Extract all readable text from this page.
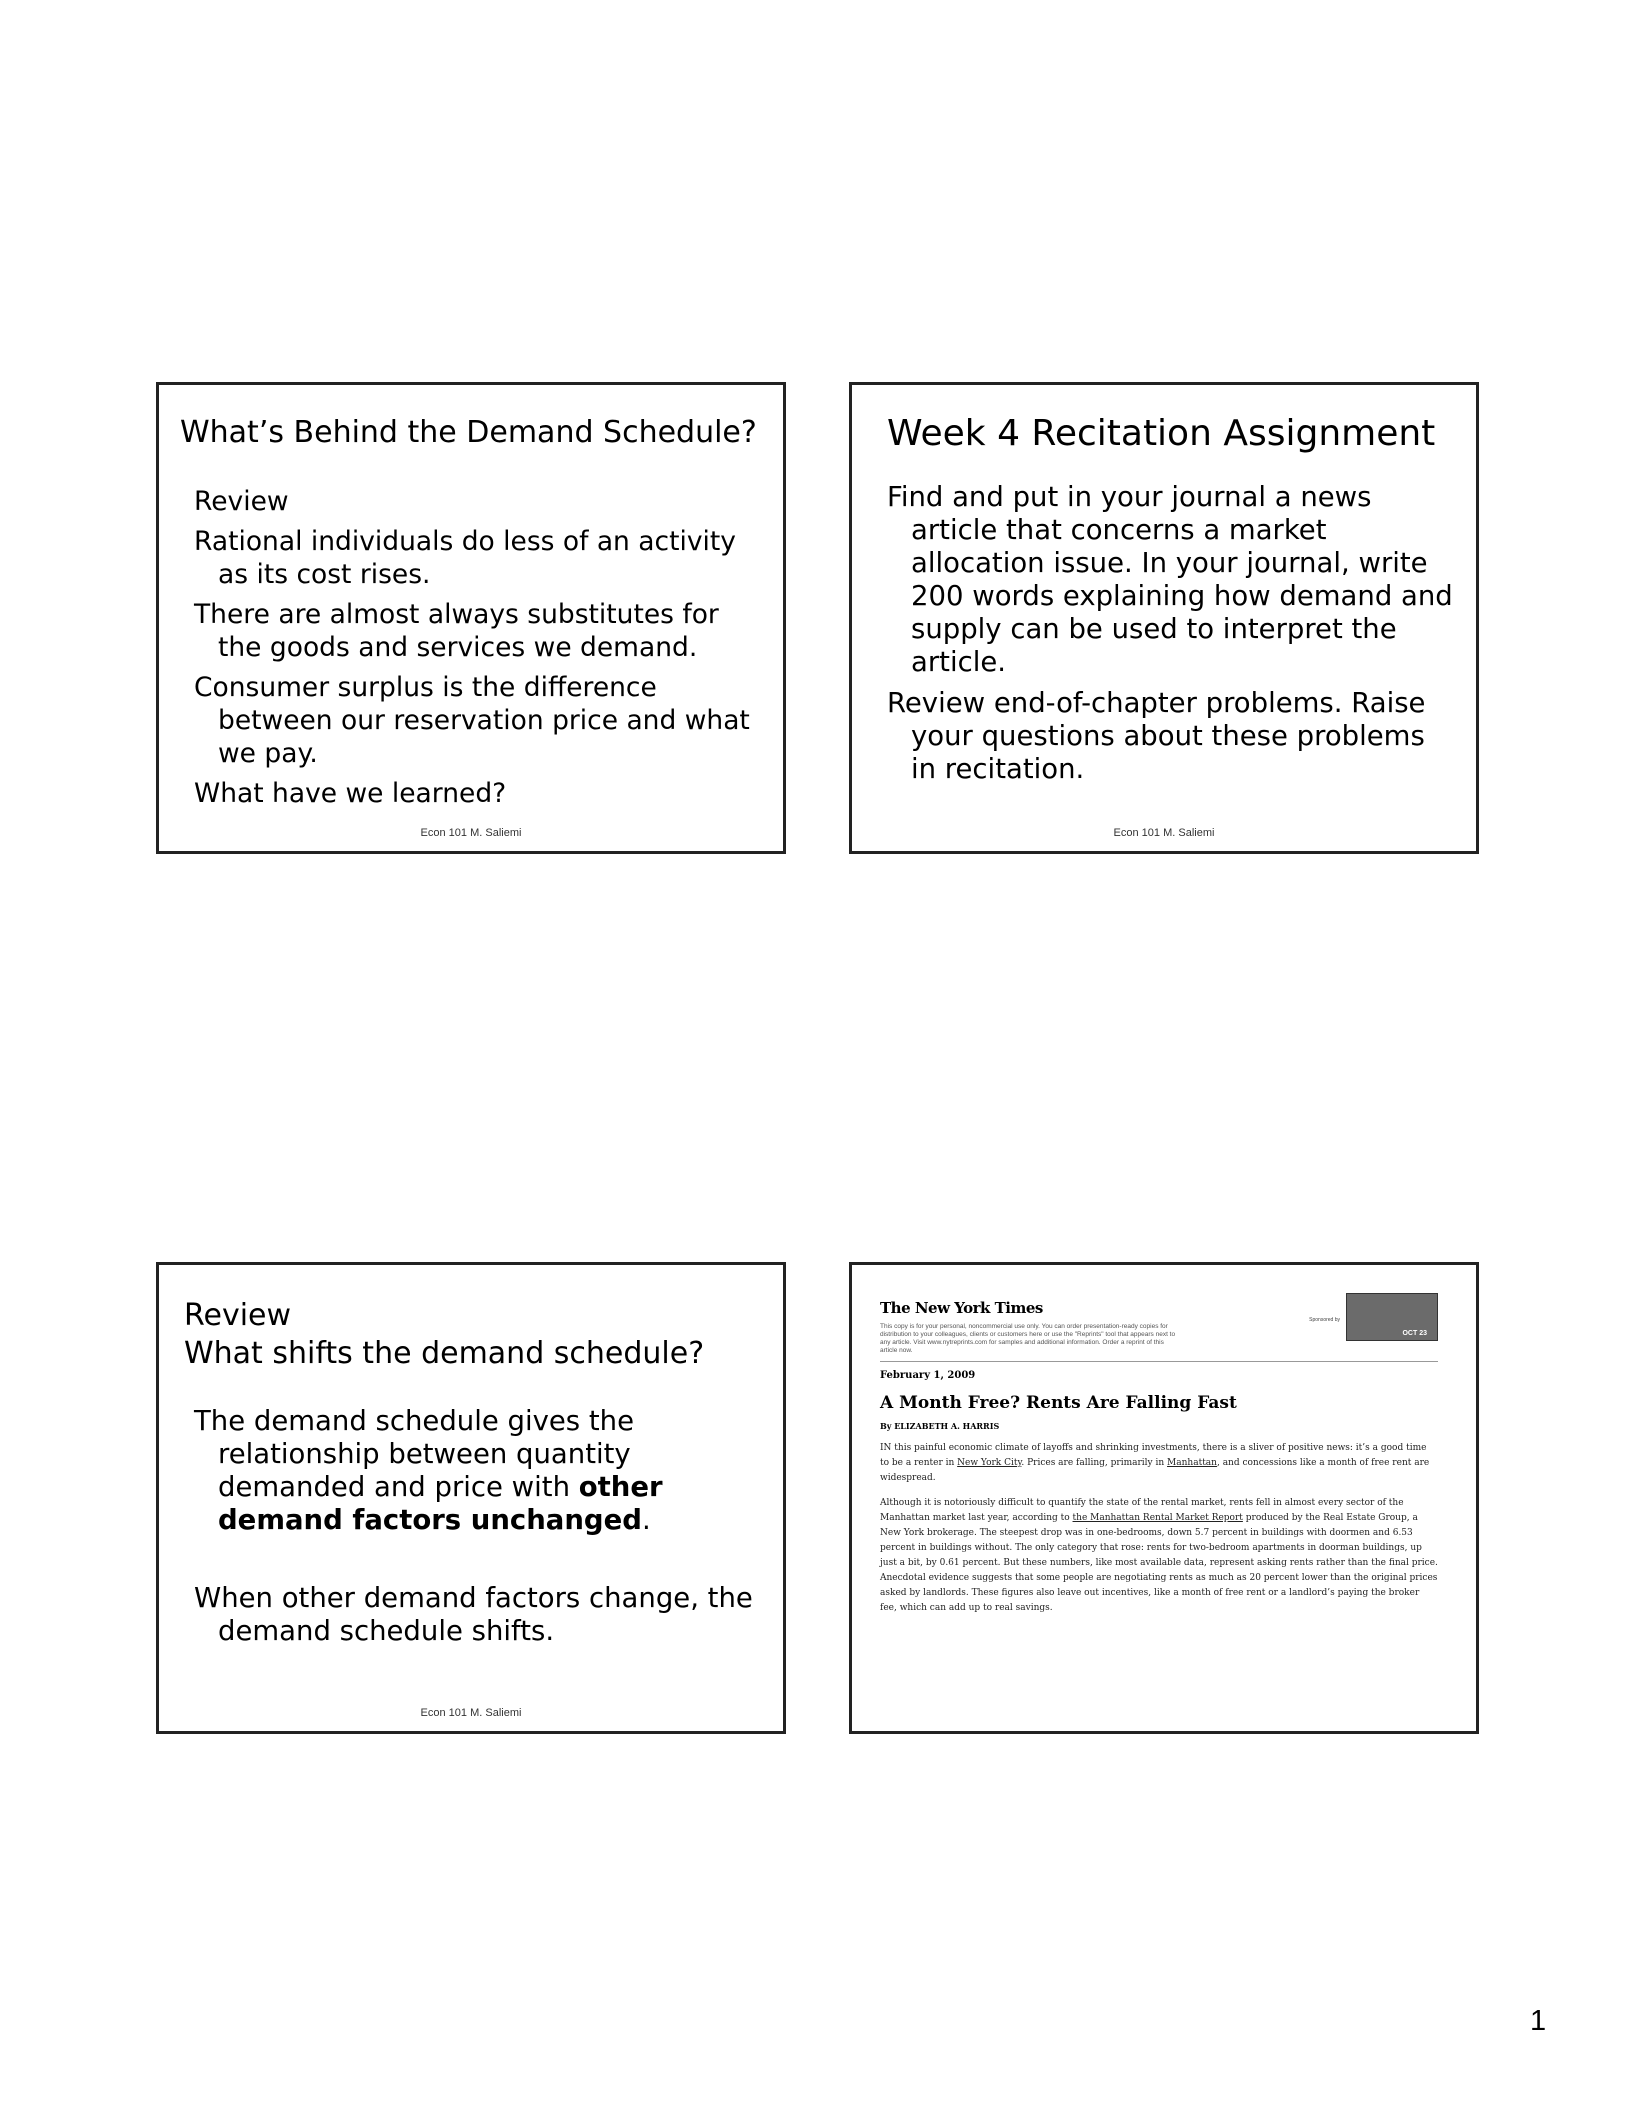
What’s Behind the Demand Schedule?
Review
Rational individuals do less of an activity as its cost rises.
There are almost always substitutes for the goods and services we demand.
Consumer surplus is the difference between our reservation price and what we pay.
What have we learned?
Econ 101 M. Saliemi
Week 4 Recitation Assignment
Find and put in your journal a news article that concerns a market allocation issue. In your journal, write 200 words explaining how demand and supply can be used to interpret the article.
Review end-of-chapter problems. Raise your questions about these problems in recitation.
Econ 101 M. Saliemi
Review
What shifts the demand schedule?
The demand schedule gives the relationship between quantity demanded and price with other demand factors unchanged.
When other demand factors change, the demand schedule shifts.
Econ 101 M. Saliemi
The New York Times
This copy is for your personal, noncommercial use only. You can order presentation-ready copies for distribution to your colleagues, clients or customers here or use the "Reprints" tool that appears next to any article. Visit www.nytreprints.com for samples and additional information. Order a reprint of this article now.
Sponsored by
OCT 23
February 1, 2009
A Month Free? Rents Are Falling Fast
By ELIZABETH A. HARRIS

IN this painful economic climate of layoffs and shrinking investments, there is a sliver of positive news: it’s a good time to be a renter in New York City. Prices are falling, primarily in Manhattan, and concessions like a month of free rent are widespread.

Although it is notoriously difficult to quantify the state of the rental market, rents fell in almost every sector of the Manhattan market last year, according to the Manhattan Rental Market Report produced by the Real Estate Group, a New York brokerage. The steepest drop was in one-bedrooms, down 5.7 percent in buildings with doormen and 6.53 percent in buildings without. The only category that rose: rents for two-bedroom apartments in doorman buildings, up just a bit, by 0.61 percent. But these numbers, like most available data, represent asking rents rather than the final price. Anecdotal evidence suggests that some people are negotiating rents as much as 20 percent lower than the original prices asked by landlords. These figures also leave out incentives, like a month of free rent or a landlord’s paying the broker fee, which can add up to real savings.

1
